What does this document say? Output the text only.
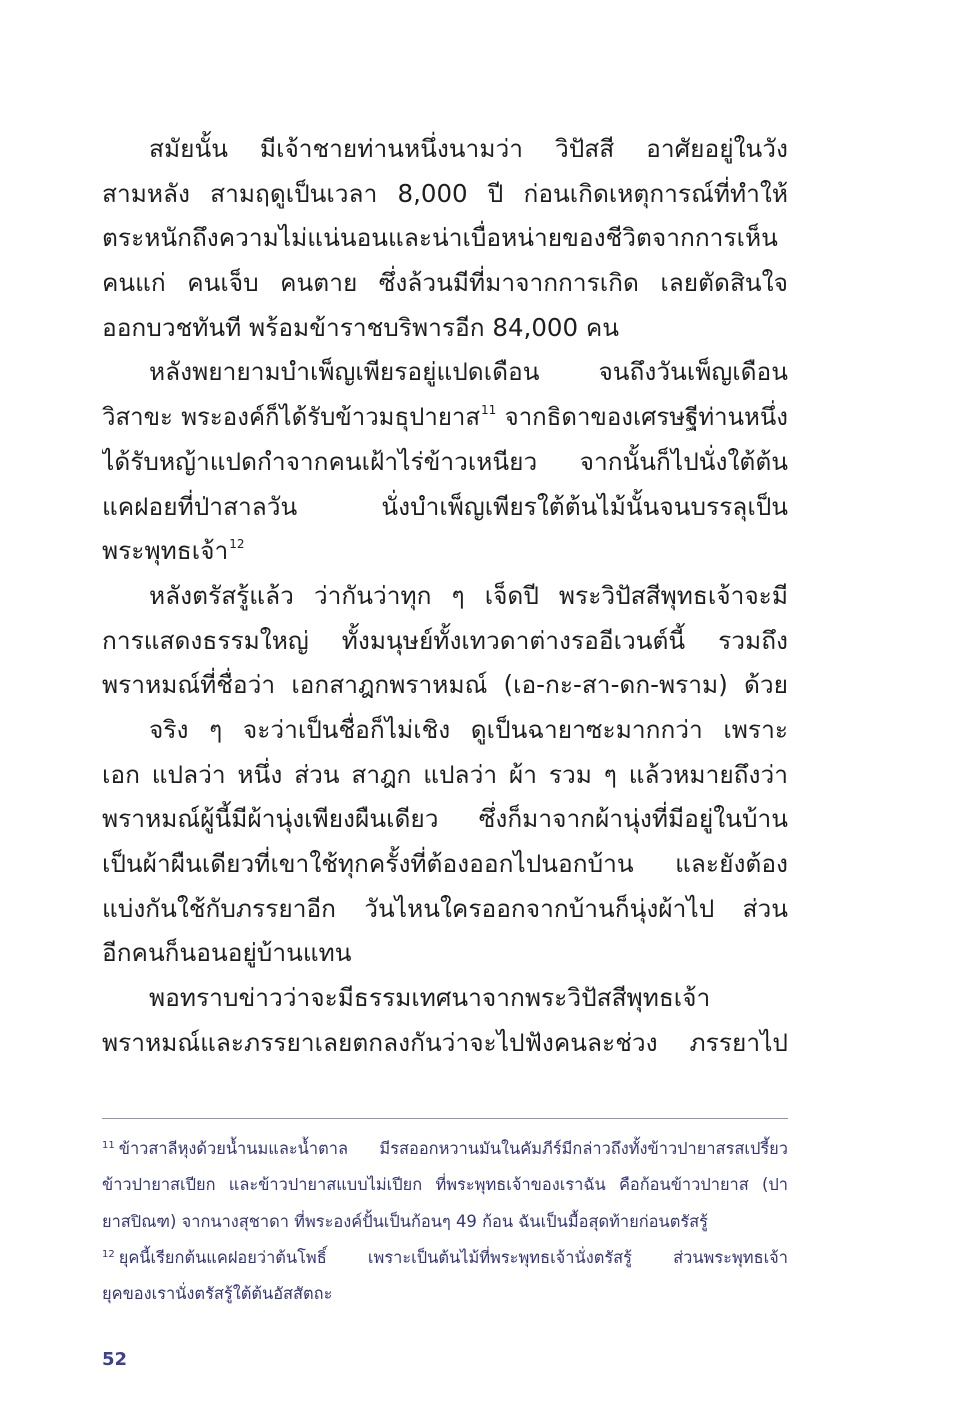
สมัยนั้น มีเจ้าชายท่านหนึ่งนามว่า วิปัสสี อาศัยอยู่ในวัง
สามหลัง สามฤดูเป็นเวลา 8,000 ปี ก่อนเกิดเหตุการณ์ที่ทำให้
ตระหนักถึงความไม่แน่นอนและน่าเบื่อหน่ายของชีวิตจากการเห็น
คนแก่ คนเจ็บ คนตาย ซึ่งล้วนมีที่มาจากการเกิด เลยตัดสินใจ
ออกบวชทันที พร้อมข้าราชบริพารอีก 84,000 คน
หลังพยายามบำเพ็ญเพียรอยู่แปดเดือน จนถึงวันเพ็ญเดือน
วิสาขะ พระองค์ก็ได้รับข้าวมธุปายาส$^{11}$ จากธิดาของเศรษฐีท่านหนึ่ง
ได้รับหญ้าแปดกำจากคนเฝ้าไร่ข้าวเหนียว จากนั้นก็ไปนั่งใต้ต้น
แคฝอยที่ป่าสาลวัน นั่งบำเพ็ญเพียรใต้ต้นไม้นั้นจนบรรลุเป็น
พระพุทธเจ้า$^{12}$
หลังตรัสรู้แล้ว ว่ากันว่าทุก ๆ เจ็ดปี พระวิปัสสีพุทธเจ้าจะมี
การแสดงธรรมใหญ่ ทั้งมนุษย์ทั้งเทวดาต่างรออีเวนต์นี้ รวมถึง
พราหมณ์ที่ชื่อว่า เอกสาฎกพราหมณ์ (เอ-กะ-สา-ดก-พราม) ด้วย
จริง ๆ จะว่าเป็นชื่อก็ไม่เชิง ดูเป็นฉายาซะมากกว่า เพราะ
เอก แปลว่า หนึ่ง ส่วน สาฎก แปลว่า ผ้า รวม ๆ แล้วหมายถึงว่า
พราหมณ์ผู้นี้มีผ้านุ่งเพียงผืนเดียว ซึ่งก็มาจากผ้านุ่งที่มีอยู่ในบ้าน
เป็นผ้าผืนเดียวที่เขาใช้ทุกครั้งที่ต้องออกไปนอกบ้าน และยังต้อง
แบ่งกันใช้กับภรรยาอีก วันไหนใครออกจากบ้านก็นุ่งผ้าไป ส่วน
อีกคนก็นอนอยู่บ้านแทน
พอทราบข่าวว่าจะมีธรรมเทศนาจากพระวิปัสสีพุทธเจ้า
พราหมณ์และภรรยาเลยตกลงกันว่าจะไปฟังคนละช่วง ภรรยาไป
$^{11}$ ข้าวสาลีหุงด้วยน้ำนมและน้ำตาล มีรสออกหวานมันในคัมภีร์มีกล่าวถึงทั้งข้าวปายาสรสเปรี้ยว
ข้าวปายาสเปียก และข้าวปายาสแบบไม่เปียก ที่พระพุทธเจ้าของเราฉัน คือก้อนข้าวปายาส (ปา
ยาสปิณฑ) จากนางสุชาดา ที่พระองค์ปั้นเป็นก้อนๆ 49 ก้อน ฉันเป็นมื้อสุดท้ายก่อนตรัสรู้
$^{12}$ ยุคนี้เรียกต้นแคฝอยว่าต้นโพธิ์ เพราะเป็นต้นไม้ที่พระพุทธเจ้านั่งตรัสรู้ ส่วนพระพุทธเจ้า
ยุคของเรานั่งตรัสรู้ใต้ต้นอัสสัตถะ
52
